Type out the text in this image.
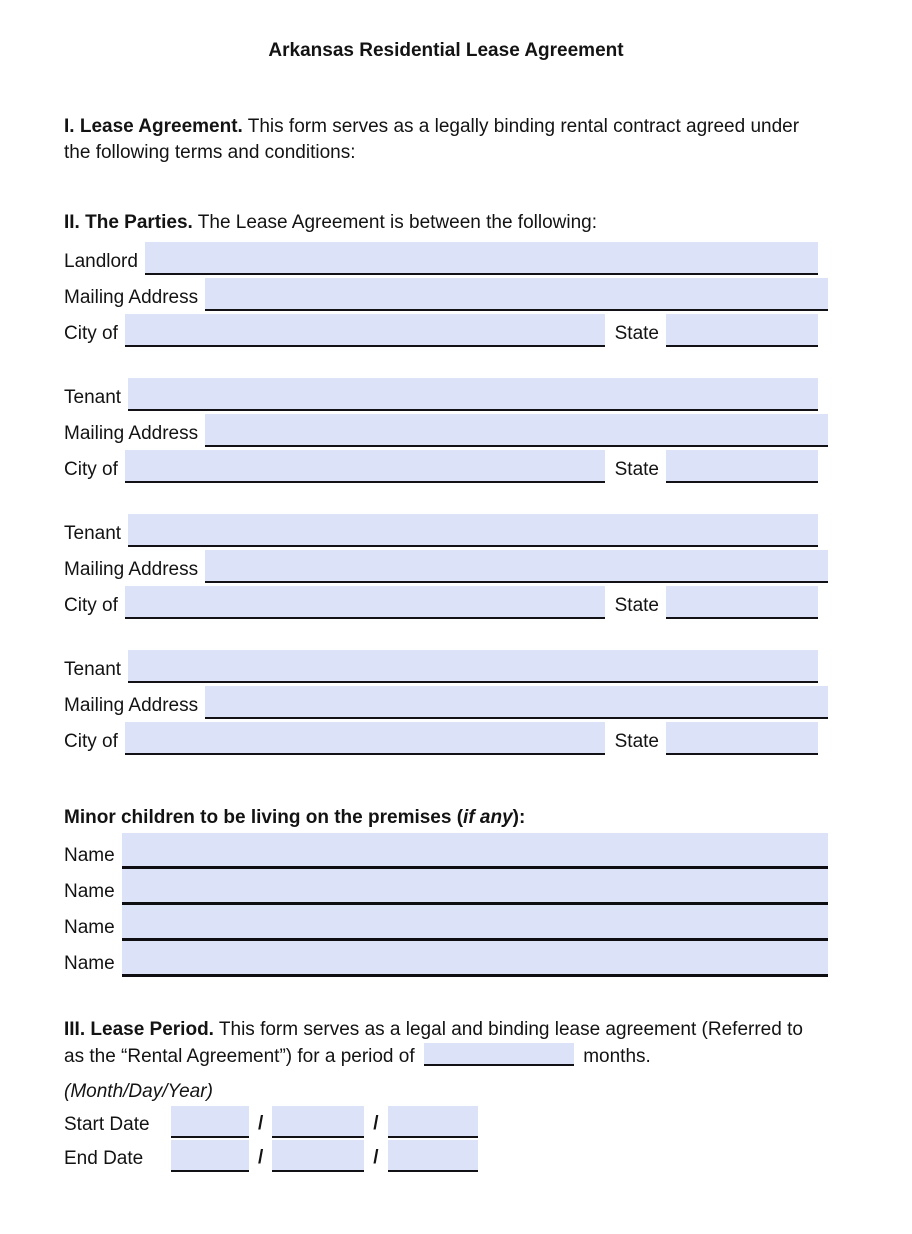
Arkansas Residential Lease Agreement

I. Lease Agreement. This form serves as a legally binding rental contract agreed under the following terms and conditions:

II. The Parties. The Lease Agreement is between the following:

Landlord
Mailing Address
City of	State
Tenant
Mailing Address
City of	State
Tenant
Mailing Address
City of	State
Tenant
Mailing Address
City of	State

Minor children to be living on the premises (if any):

Name
Name
Name
Name

III. Lease Period. This form serves as a legal and binding lease agreement (Referred to as the “Rental Agreement”) for a period of	months.

(Month/Day/Year)

Start Date	/	/
End Date	/	/
